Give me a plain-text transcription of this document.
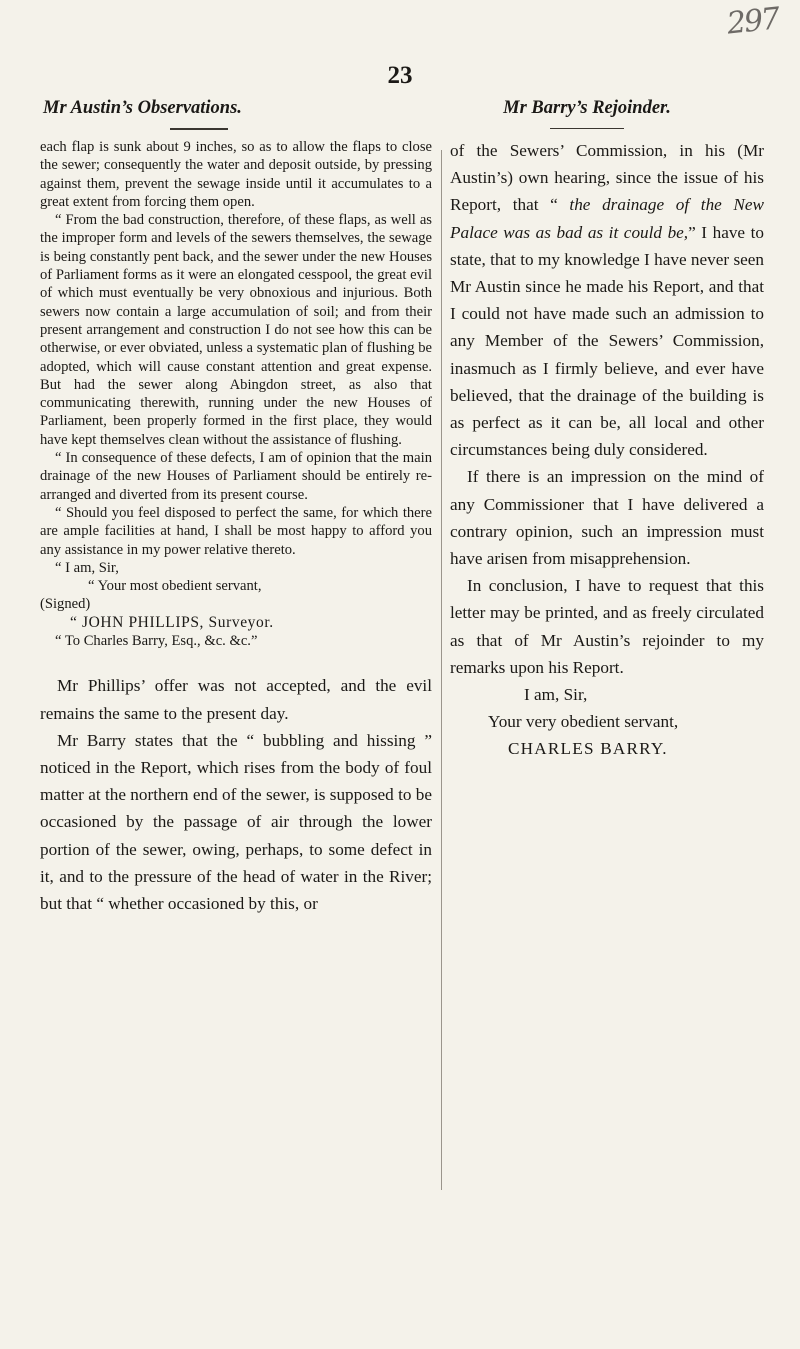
297
23
Mr Austin’s Observations.

each flap is sunk about 9 inches, so as to allow the flaps to close the sewer; consequently the water and deposit outside, by pressing against them, prevent the sewage inside until it accumulates to a great extent from forcing them open.

“ From the bad construction, therefore, of these flaps, as well as the improper form and levels of the sewers themselves, the sewage is being constantly pent back, and the sewer under the new Houses of Parliament forms as it were an elongated cesspool, the great evil of which must eventually be very obnoxious and injurious. Both sewers now contain a large accumulation of soil; and from their present arrangement and construction I do not see how this can be otherwise, or ever obviated, unless a systematic plan of flushing be adopted, which will cause constant attention and great expense. But had the sewer along Abingdon street, as also that communicating therewith, running under the new Houses of Parliament, been properly formed in the first place, they would have kept themselves clean without the assistance of flushing.

“ In consequence of these defects, I am of opinion that the main drainage of the new Houses of Parliament should be entirely rearranged and diverted from its present course.

“ Should you feel disposed to perfect the same, for which there are ample facilities at hand, I shall be most happy to afford you any assistance in my power relative thereto.

“ I am, Sir,

“ Your most obedient servant,

(Signed)

“ JOHN PHILLIPS, Surveyor.

“ To Charles Barry, Esq., &c. &c.”

Mr Phillips’ offer was not accepted, and the evil remains the same to the present day.

Mr Barry states that the “ bubbling and hissing ” noticed in the Report, which rises from the body of foul matter at the northern end of the sewer, is supposed to be occasioned by the passage of air through the lower portion of the sewer, owing, perhaps, to some defect in it, and to the pressure of the head of water in the River; but that “ whether occasioned by this, or

Mr Barry’s Rejoinder.

of the Sewers’ Commission, in his (Mr Austin’s) own hearing, since the issue of his Report, that “ the drainage of the New Palace was as bad as it could be,” I have to state, that to my knowledge I have never seen Mr Austin since he made his Report, and that I could not have made such an admission to any Member of the Sewers’ Commission, inasmuch as I firmly believe, and ever have believed, that the drainage of the building is as perfect as it can be, all local and other circumstances being duly considered.

If there is an impression on the mind of any Commissioner that I have delivered a contrary opinion, such an impression must have arisen from misapprehension.

In conclusion, I have to request that this letter may be printed, and as freely circulated as that of Mr Austin’s rejoinder to my remarks upon his Report.

I am, Sir,

Your very obedient servant,

CHARLES BARRY.
